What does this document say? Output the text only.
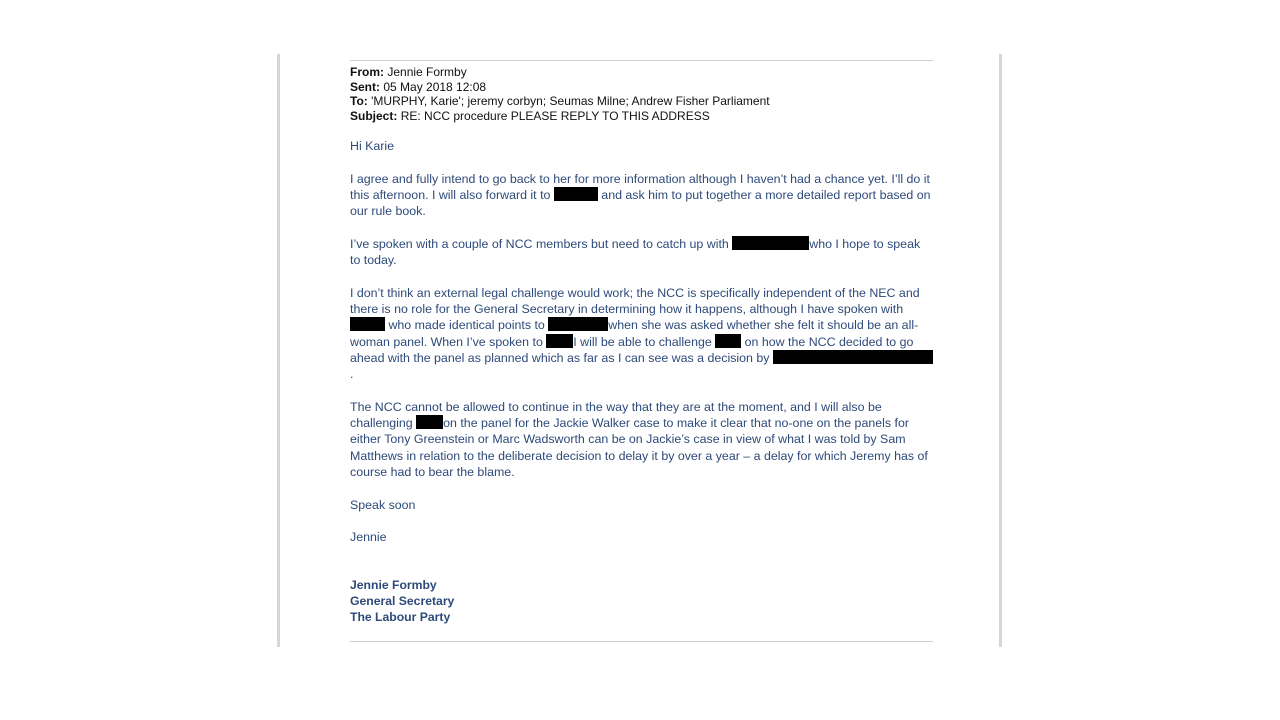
From: Jennie Formby
Sent: 05 May 2018 12:08
To: 'MURPHY, Karie'; jeremy corbyn; Seumas Milne; Andrew Fisher Parliament
Subject: RE: NCC procedure PLEASE REPLY TO THIS ADDRESS

Hi Karie

I agree and fully intend to go back to her for more information although I haven’t had a chance yet. I’ll do it this afternoon. I will also forward it to	and ask him to put together a more detailed report based on our rule book.

I’ve spoken with a couple of NCC members but need to catch up with	who I hope to speak to today.

I don’t think an external legal challenge would work; the NCC is specifically independent of the NEC and there is no role for the General Secretary in determining how it happens, although I have spoken with  who made identical points to	when she was asked whether she felt it should be an all-woman panel. When I’ve spoken to I will be able to challenge  on how the NCC decided to go ahead with the panel as planned which as far as I can see was a decision by .

The NCC cannot be allowed to continue in the way that they are at the moment, and I will also be challenging on the panel for the Jackie Walker case to make it clear that no-one on the panels for either Tony Greenstein or Marc Wadsworth can be on Jackie’s case in view of what I was told by Sam Matthews in relation to the deliberate decision to delay it by over a year – a delay for which Jeremy has of course had to bear the blame.

Speak soon

Jennie

Jennie Formby
General Secretary
The Labour Party
